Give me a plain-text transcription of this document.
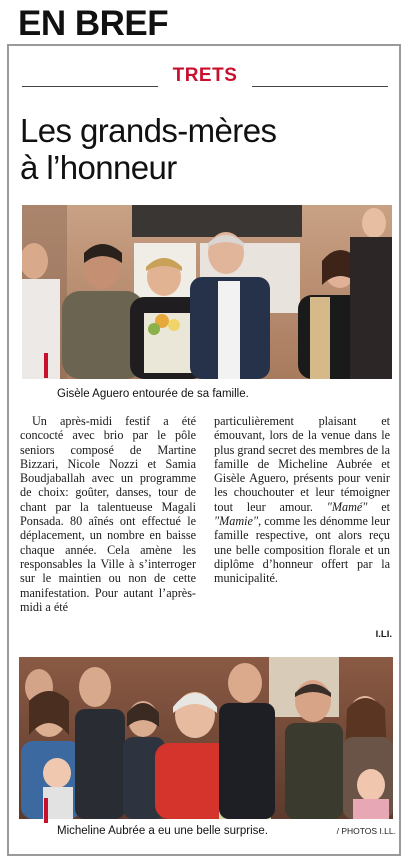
EN BREF
TRETS
Les grands-mères
à l’honneur
Gisèle Aguero entourée de sa famille.

Un après-midi festif a été concocté avec brio par le pôle seniors composé de Martine Bizzari, Nicole Nozzi et Samia Boudjaballah avec un programme de choix: goûter, danses, tour de chant par la talentueuse Magali Ponsada. 80 aînés ont effectué le déplacement, un nombre en baisse chaque année. Cela amène les responsables la Ville à s’interroger sur le maintien ou non de cette manifestation. Pour autant l’après-midi a été

particulièrement plaisant et émouvant, lors de la venue dans le plus grand secret des membres de la famille de Micheline Aubrée et Gisèle Aguero, présents pour venir les chouchouter et leur témoigner tout leur amour. "Mamé" et "Mamie", comme les dénomme leur famille respective, ont alors reçu une belle composition florale et un diplôme d’honneur offert par la municipalité.

I.LI.
Micheline Aubrée a eu une belle surprise.	/ PHOTOS I.LL.
